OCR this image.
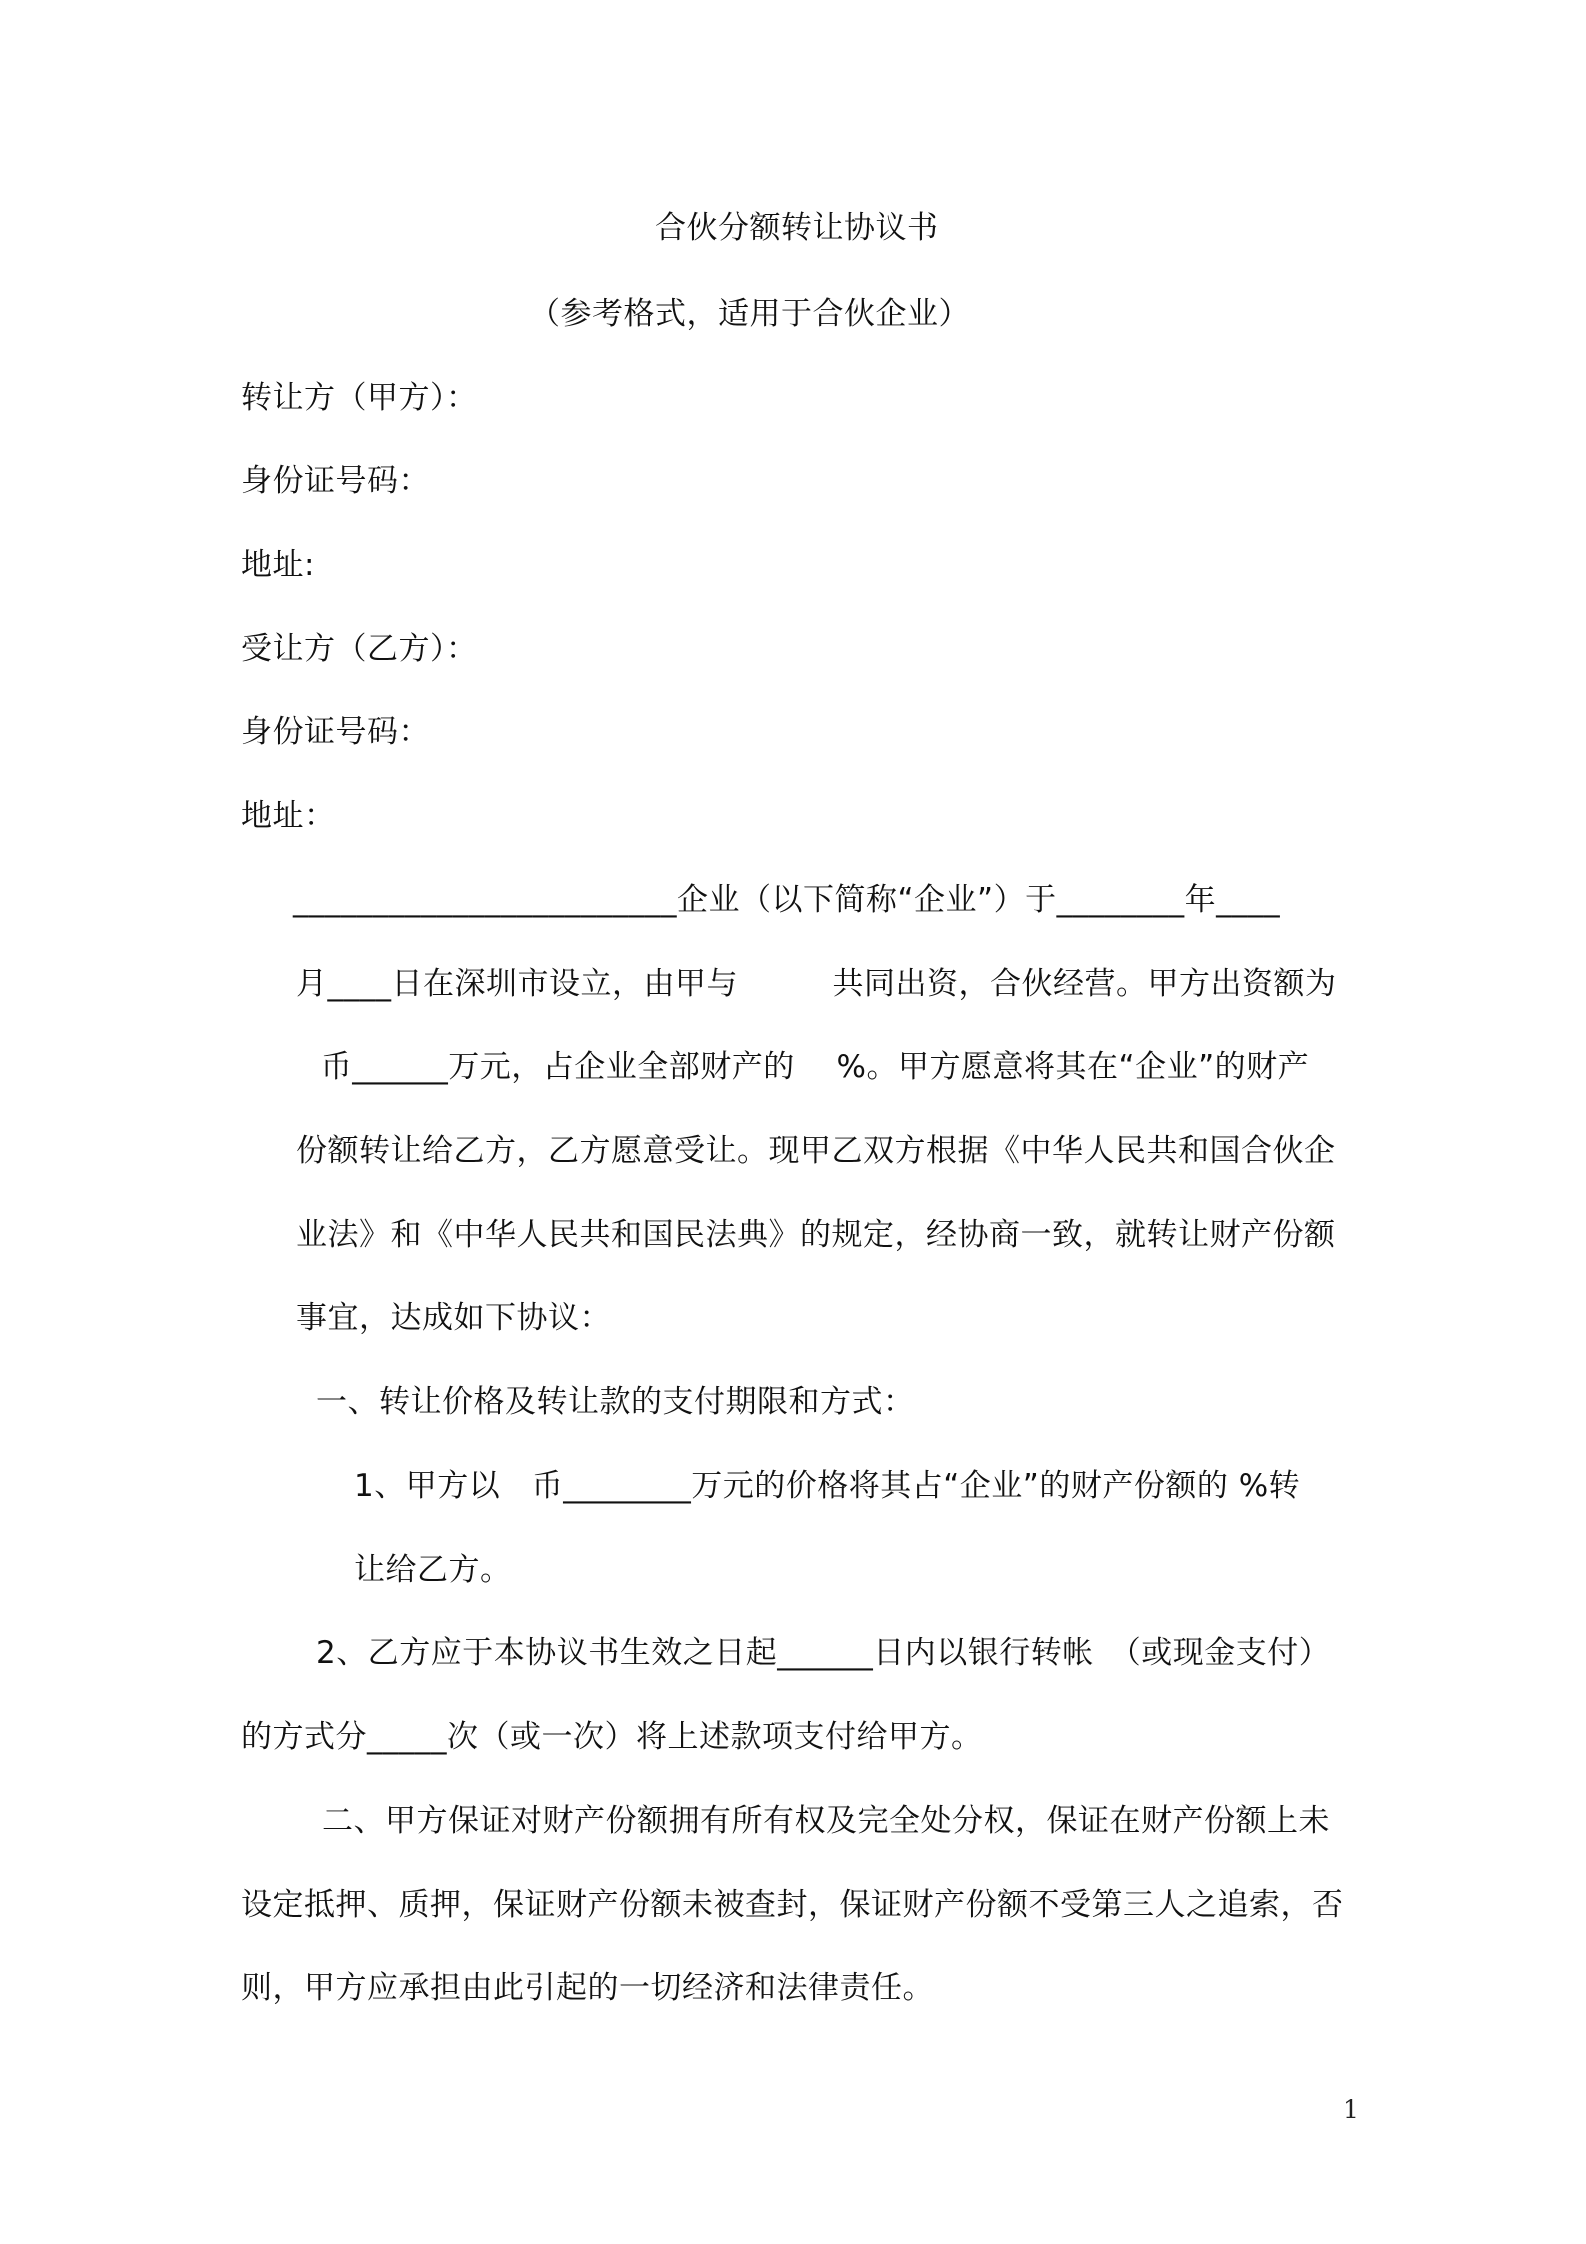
合伙分额转让协议书
（参考格式，适用于合伙企业）
转让方（甲方）：
身份证号码：
地址:
受让方（乙方）：
身份证号码：
地址：
________________________企业（以下简称“企业”）于________年____
月____日在深圳市设立，由甲与　　　共同出资，合伙经营。甲方出资额为
币______万元，占企业全部财产的　 %。甲方愿意将其在“企业”的财产
份额转让给乙方，乙方愿意受让。现甲乙双方根据《中华人民共和国合伙企
业法》和《中华人民共和国民法典》的规定，经协商一致，就转让财产份额
事宜，达成如下协议：
一、转让价格及转让款的支付期限和方式：
1、甲方以　币________万元的价格将其占“企业”的财产份额的 %转
让给乙方。
2、乙方应于本协议书生效之日起______日内以银行转帐　（或现金支付）
的方式分_____次（或一次）将上述款项支付给甲方。
二、甲方保证对财产份额拥有所有权及完全处分权，保证在财产份额上未
设定抵押、质押，保证财产份额未被查封，保证财产份额不受第三人之追索，否
则，甲方应承担由此引起的一切经济和法律责任。
1
